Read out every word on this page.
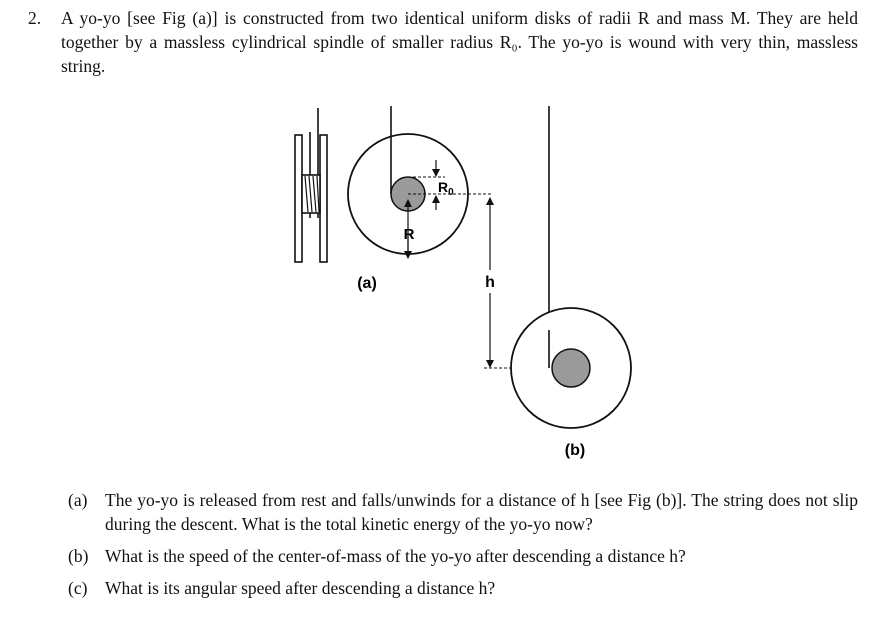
2. A yo-yo [see Fig (a)] is constructed from two identical uniform disks of radii R and mass M. They are held together by a massless cylindrical spindle of smaller radius R₀. The yo-yo is wound with very thin, massless string.
R
$R_0$
(a)	h
(b)
(a) The yo-yo is released from rest and falls/unwinds for a distance of h [see Fig (b)]. The string does not slip during the descent. What is the total kinetic energy of the yo-yo now?
(b) What is the speed of the center-of-mass of the yo-yo after descending a distance h?
(c) What is its angular speed after descending a distance h?
